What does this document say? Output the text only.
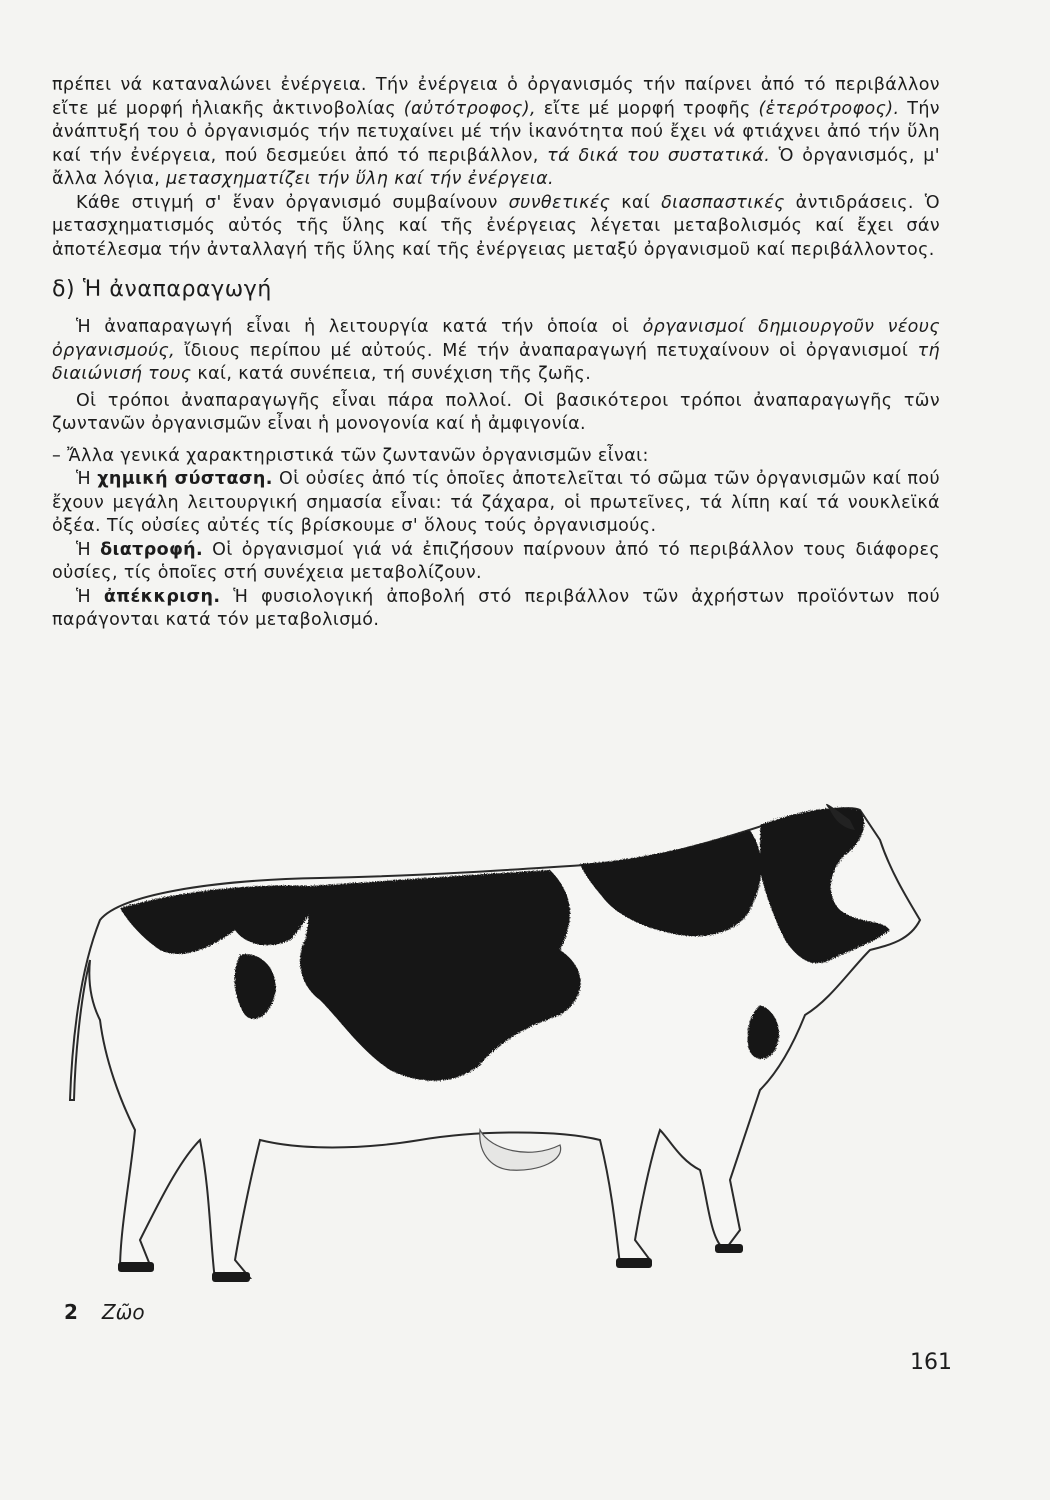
πρέπει νά καταναλώνει ἐνέργεια. Τήν ἐνέργεια ὁ ὀργανισμός τήν παίρνει ἀπό τό περιβάλλον εἴτε μέ μορφή ἡλιακῆς ἀκτινοβολίας (αὐτότροφος), εἴτε μέ μορφή τροφῆς (ἑτερότροφος). Τήν ἀνάπτυξή του ὁ ὀργανισμός τήν πετυχαίνει μέ τήν ἱκανότητα πού ἔχει νά φτιάχνει ἀπό τήν ὕλη καί τήν ἐνέργεια, πού δεσμεύει ἀπό τό περιβάλλον, τά δικά του συστατικά. Ὁ ὀργανισμός, μ' ἄλλα λόγια, μετασχηματίζει τήν ὕλη καί τήν ἐνέργεια.

Κάθε στιγμή σ' ἕναν ὀργανισμό συμβαίνουν συνθετικές καί διασπαστικές ἀντιδράσεις. Ὁ μετασχηματισμός αὐτός τῆς ὕλης καί τῆς ἐνέργειας λέγεται μεταβολισμός καί ἔχει σάν ἀποτέλεσμα τήν ἀνταλλαγή τῆς ὕλης καί τῆς ἐνέργειας μεταξύ ὀργανισμοῦ καί περιβάλλοντος.

δ) Ἡ ἀναπαραγωγή

Ἡ ἀναπαραγωγή εἶναι ἡ λειτουργία κατά τήν ὁποία οἱ ὀργανισμοί δημιουργοῦν νέους ὀργανισμούς, ἴδιους περίπου μέ αὐτούς. Μέ τήν ἀναπαραγωγή πετυχαίνουν οἱ ὀργανισμοί τή διαιώνισή τους καί, κατά συνέπεια, τή συνέχιση τῆς ζωῆς.

Οἱ τρόποι ἀναπαραγωγῆς εἶναι πάρα πολλοί. Οἱ βασικότεροι τρόποι ἀναπαραγωγῆς τῶν ζωντανῶν ὀργανισμῶν εἶναι ἡ μονογονία καί ἡ ἀμφιγονία.

– Ἄλλα γενικά χαρακτηριστικά τῶν ζωντανῶν ὀργανισμῶν εἶναι:

Ἡ χημική σύσταση. Οἱ οὐσίες ἀπό τίς ὁποῖες ἀποτελεῖται τό σῶμα τῶν ὀργανισμῶν καί πού ἔχουν μεγάλη λειτουργική σημασία εἶναι: τά ζάχαρα, οἱ πρωτεῖνες, τά λίπη καί τά νουκλεϊκά ὀξέα. Τίς οὐσίες αὐτές τίς βρίσκουμε σ' ὅλους τούς ὀργανισμούς.

Ἡ διατροφή. Οἱ ὀργανισμοί γιά νά ἐπιζήσουν παίρνουν ἀπό τό περιβάλλον τους διάφορες οὐσίες, τίς ὁποῖες στή συνέχεια μεταβολίζουν.

Ἡ ἀπέκκριση. Ἡ φυσιολογική ἀποβολή στό περιβάλλον τῶν ἀχρήστων προϊόντων πού παράγονται κατά τόν μεταβολισμό.

2 Ζῶο
161
